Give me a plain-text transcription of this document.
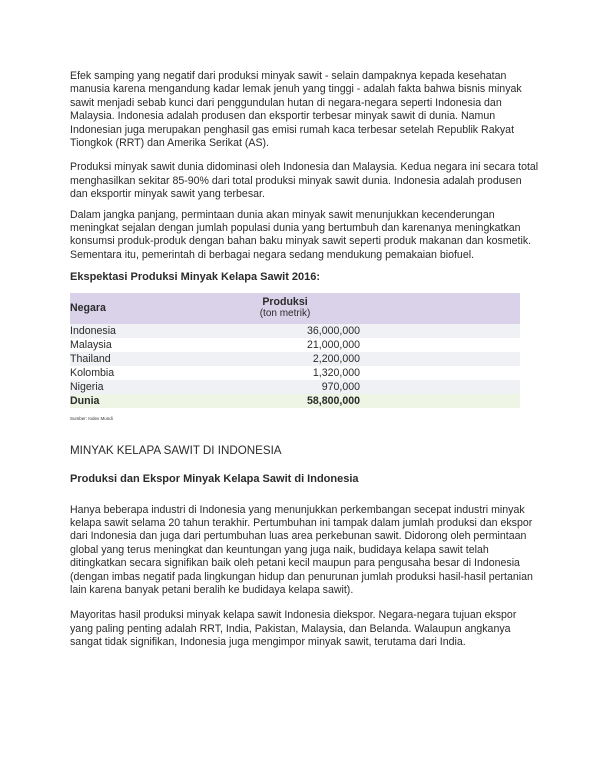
Efek samping yang negatif dari produksi minyak sawit - selain dampaknya kepada kesehatan manusia karena mengandung kadar lemak jenuh yang tinggi - adalah fakta bahwa bisnis minyak sawit menjadi sebab kunci dari penggundulan hutan di negara-negara seperti Indonesia dan Malaysia. Indonesia adalah produsen dan eksportir terbesar minyak sawit di dunia. Namun Indonesian juga merupakan penghasil gas emisi rumah kaca terbesar setelah Republik Rakyat Tiongkok (RRT) dan Amerika Serikat (AS).

Produksi minyak sawit dunia didominasi oleh Indonesia dan Malaysia. Kedua negara ini secara total menghasilkan sekitar 85-90% dari total produksi minyak sawit dunia. Indonesia adalah produsen dan eksportir minyak sawit yang terbesar.

Dalam jangka panjang, permintaan dunia akan minyak sawit menunjukkan kecenderungan meningkat sejalan dengan jumlah populasi dunia yang bertumbuh dan karenanya meningkatkan konsumsi produk-produk dengan bahan baku minyak sawit seperti produk makanan dan kosmetik. Sementara itu, pemerintah di berbagai negara sedang mendukung pemakaian biofuel.

Ekspektasi Produksi Minyak Kelapa Sawit 2016:
Negara	Produksi
(ton metrik)	

Indonesia	36,000,000	
Malaysia	21,000,000	
Thailand	2,200,000	
Kolombia	1,320,000	
Nigeria	970,000	
Dunia	58,800,000	
Sumber: Index Mundi
MINYAK KELAPA SAWIT DI INDONESIA
Produksi dan Ekspor Minyak Kelapa Sawit di Indonesia

Hanya beberapa industri di Indonesia yang menunjukkan perkembangan secepat industri minyak kelapa sawit selama 20 tahun terakhir. Pertumbuhan ini tampak dalam jumlah produksi dan ekspor dari Indonesia dan juga dari pertumbuhan luas area perkebunan sawit. Didorong oleh permintaan global yang terus meningkat dan keuntungan yang juga naik, budidaya kelapa sawit telah ditingkatkan secara signifikan baik oleh petani kecil maupun para pengusaha besar di Indonesia (dengan imbas negatif pada lingkungan hidup dan penurunan jumlah produksi hasil-hasil pertanian lain karena banyak petani beralih ke budidaya kelapa sawit).

Mayoritas hasil produksi minyak kelapa sawit Indonesia diekspor. Negara-negara tujuan ekspor yang paling penting adalah RRT, India, Pakistan, Malaysia, dan Belanda. Walaupun angkanya sangat tidak signifikan, Indonesia juga mengimpor minyak sawit, terutama dari India.
